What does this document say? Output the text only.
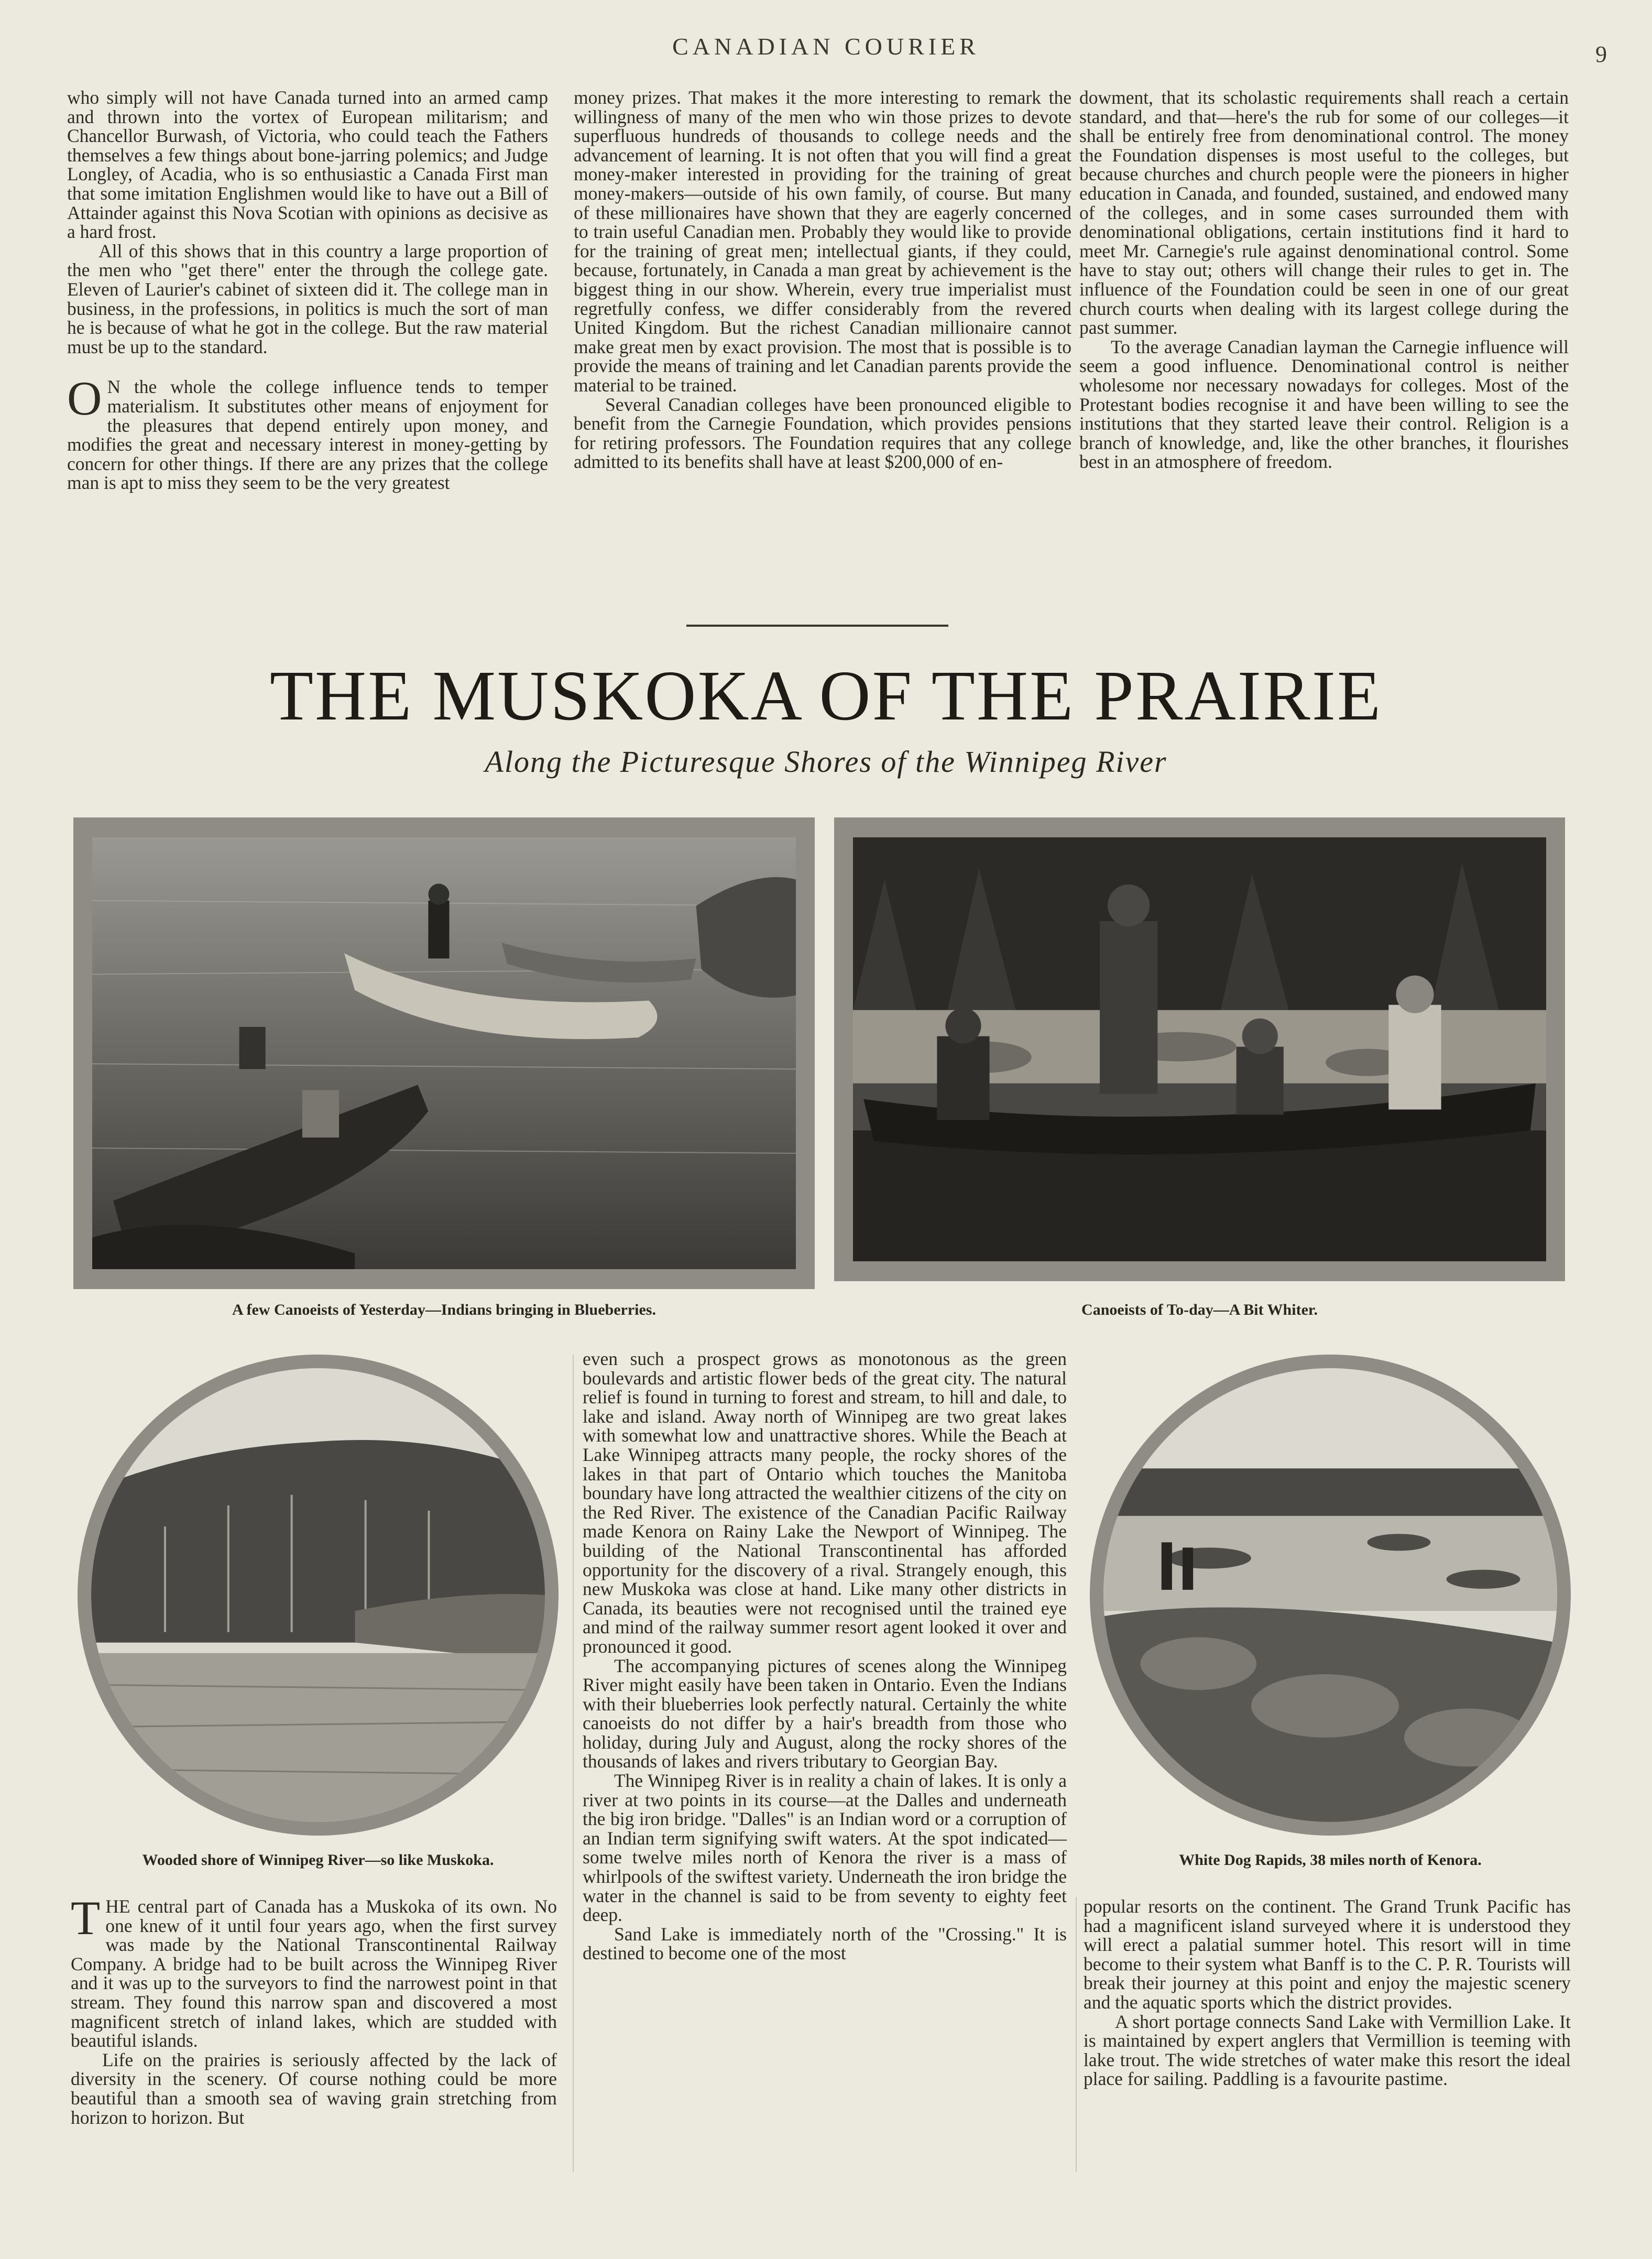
CANADIAN COURIER	9

who simply will not have Canada turned into an armed camp and thrown into the vortex of European militarism; and Chancellor Burwash, of Victoria, who could teach the Fathers themselves a few things about bone-jarring polemics; and Judge Longley, of Acadia, who is so enthusiastic a Canada First man that some imitation Englishmen would like to have out a Bill of Attainder against this Nova Scotian with opinions as decisive as a hard frost.

All of this shows that in this country a large proportion of the men who "get there" enter the through the college gate. Eleven of Laurier's cabinet of sixteen did it. The college man in business, in the professions, in politics is much the sort of man he is because of what he got in the college. But the raw material must be up to the standard.

O N the whole the college influence tends to temper materialism. It substitutes other means of enjoyment for the pleasures that depend entirely upon money, and modifies the great and necessary interest in money-getting by concern for other things. If there are any prizes that the college man is apt to miss they seem to be the very greatest

money prizes. That makes it the more interesting to remark the willingness of many of the men who win those prizes to devote superfluous hundreds of thousands to college needs and the advancement of learning. It is not often that you will find a great money-maker interested in providing for the training of great money-makers—outside of his own family, of course. But many of these millionaires have shown that they are eagerly concerned to train useful Canadian men. Probably they would like to provide for the training of great men; intellectual giants, if they could, because, fortunately, in Canada a man great by achievement is the biggest thing in our show. Wherein, every true imperialist must regretfully confess, we differ considerably from the revered United Kingdom. But the richest Canadian millionaire cannot make great men by exact provision. The most that is possible is to provide the means of training and let Canadian parents provide the material to be trained.

Several Canadian colleges have been pronounced eligible to benefit from the Carnegie Foundation, which provides pensions for retiring professors. The Foundation requires that any college admitted to its benefits shall have at least $200,000 of en-

dowment, that its scholastic requirements shall reach a certain standard, and that—here's the rub for some of our colleges—it shall be entirely free from denominational control. The money the Foundation dispenses is most useful to the colleges, but because churches and church people were the pioneers in higher education in Canada, and founded, sustained, and endowed many of the colleges, and in some cases surrounded them with denominational obligations, certain institutions find it hard to meet Mr. Carnegie's rule against denominational control. Some have to stay out; others will change their rules to get in. The influence of the Foundation could be seen in one of our great church courts when dealing with its largest college during the past summer.

To the average Canadian layman the Carnegie influence will seem a good influence. Denominational control is neither wholesome nor necessary nowadays for colleges. Most of the Protestant bodies recognise it and have been willing to see the institutions that they started leave their control. Religion is a branch of knowledge, and, like the other branches, it flourishes best in an atmosphere of freedom.

THE MUSKOKA OF THE PRAIRIE
Along the Picturesque Shores of the Winnipeg River
A few Canoeists of Yesterday—Indians bringing in Blueberries.	Canoeists of To-day—A Bit Whiter.
Wooded shore of Winnipeg River—so like Muskoka.	White Dog Rapids, 38 miles north of Kenora.

THE central part of Canada has a Muskoka of its own. No one knew of it until four years ago, when the first survey was made by the National Transcontinental Railway Company. A bridge had to be built across the Winnipeg River and it was up to the surveyors to find the narrowest point in that stream. They found this narrow span and discovered a most magnificent stretch of inland lakes, which are studded with beautiful islands.

Life on the prairies is seriously affected by the lack of diversity in the scenery. Of course nothing could be more beautiful than a smooth sea of waving grain stretching from horizon to horizon. But

even such a prospect grows as monotonous as the green boulevards and artistic flower beds of the great city. The natural relief is found in turning to forest and stream, to hill and dale, to lake and island. Away north of Winnipeg are two great lakes with somewhat low and unattractive shores. While the Beach at Lake Winnipeg attracts many people, the rocky shores of the lakes in that part of Ontario which touches the Manitoba boundary have long attracted the wealthier citizens of the city on the Red River. The existence of the Canadian Pacific Railway made Kenora on Rainy Lake the Newport of Winnipeg. The building of the National Transcontinental has afforded opportunity for the discovery of a rival. Strangely enough, this new Muskoka was close at hand. Like many other districts in Canada, its beauties were not recognised until the trained eye and mind of the railway summer resort agent looked it over and pronounced it good.

The accompanying pictures of scenes along the Winnipeg River might easily have been taken in Ontario. Even the Indians with their blueberries look perfectly natural. Certainly the white canoeists do not differ by a hair's breadth from those who holiday, during July and August, along the rocky shores of the thousands of lakes and rivers tributary to Georgian Bay.

The Winnipeg River is in reality a chain of lakes. It is only a river at two points in its course—at the Dalles and underneath the big iron bridge. "Dalles" is an Indian word or a corruption of an Indian term signifying swift waters. At the spot indicated—some twelve miles north of Kenora the river is a mass of whirlpools of the swiftest variety. Underneath the iron bridge the water in the channel is said to be from seventy to eighty feet deep.

Sand Lake is immediately north of the "Crossing." It is destined to become one of the most

popular resorts on the continent. The Grand Trunk Pacific has had a magnificent island surveyed where it is understood they will erect a palatial summer hotel. This resort will in time become to their system what Banff is to the C. P. R. Tourists will break their journey at this point and enjoy the majestic scenery and the aquatic sports which the district provides.

A short portage connects Sand Lake with Vermillion Lake. It is maintained by expert anglers that Vermillion is teeming with lake trout. The wide stretches of water make this resort the ideal place for sailing. Paddling is a favourite pastime.
